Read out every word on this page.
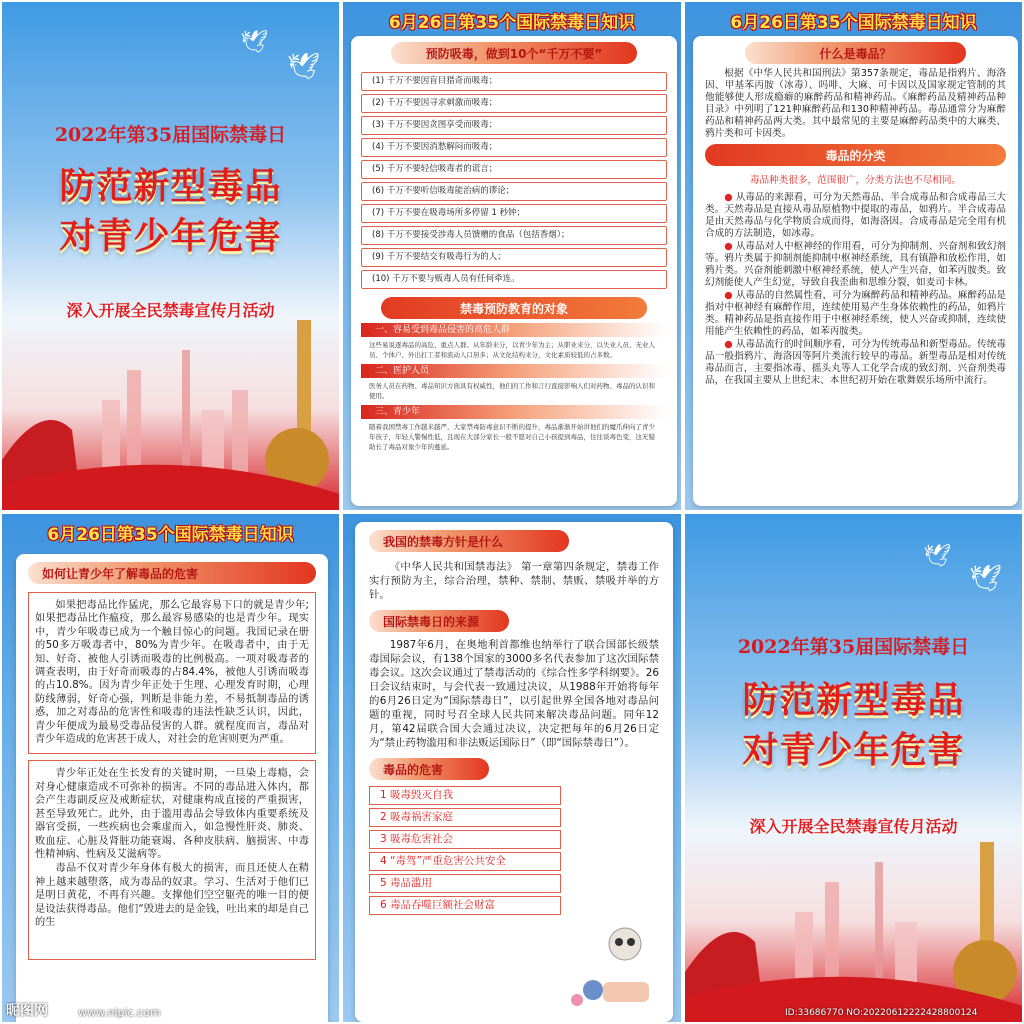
🕊
🕊
2022年第35届国际禁毒日
防范新型毒品
对青少年危害
深入开展全民禁毒宣传月活动
6月26日第35个国际禁毒日知识
预防吸毒，做到10个“千万不要”
(1) 千万不要因盲目猎奇而吸毒；
(2) 千万不要因寻求刺激而吸毒；
(3) 千万不要因贪图享受而吸毒；
(4) 千万不要因消愁解闷而吸毒；
(5) 千万不要轻信吸毒者的谎言；
(6) 千万不要听信吸毒能治病的谬论；
(7) 千万不要在吸毒场所多停留 1 秒钟；
(8) 千万不要接受涉毒人员馈赠的食品（包括香烟）；
(9) 千万不要结交有吸毒行为的人；
(10) 千万不要与贩毒人员有任何牵连。
禁毒预防教育的对象
一、容易受到毒品侵害的高危人群
这些易说逐毒品的高危、重点人群。从年龄来分，以青少年为主；从职业来分，以失业人员、无业人员、个体户、外出打工者和流动人口居多；从文化结构来分，文化素质较低的占多数。
二、医护人员
医务人员在药物、毒品知识方面具有权威性，他们的工作和言行直接影响人们对药物、毒品的认识和使用。
三、青少年
随着我国禁毒工作越来越严，大家禁毒防毒意识不断的提升，毒品渐渐开始讲他们的魔爪伸向了青少年孩子，年轻人警惕性低，且现在大部分家长一般不愿对自己小孩提到毒品，往往谈毒色变，这无疑助长了毒品对象少年的蔓延。
6月26日第35个国际禁毒日知识
什么是毒品？

根据《中华人民共和国刑法》第357条规定，毒品是指鸦片、海洛因、甲基苯丙胺（冰毒）、吗啡、大麻、可卡因以及国家规定管制的其他能够使人形成瘾癖的麻醉药品和精神药品。《麻醉药品及精神药品种目录》中列明了121种麻醉药品和130种精神药品。毒品通常分为麻醉药品和精神药品两大类。其中最常见的主要是麻醉药品类中的大麻类、鸦片类和可卡因类。

毒品的分类
毒品种类很多，范围很广，分类方法也不尽相同。

● 从毒品的来源看，可分为天然毒品、半合成毒品和合成毒品三大类。天然毒品是直接从毒品原植物中提取的毒品，如鸦片。半合成毒品是由天然毒品与化学物质合成而得，如海洛因。合成毒品是完全用有机合成的方法制造，如冰毒。

● 从毒品对人中枢神经的作用看，可分为抑制剂、兴奋剂和致幻剂等。鸦片类属于抑制剂能抑制中枢神经系统，具有镇静和放松作用，如鸦片类。兴奋剂能刺激中枢神经系统，使人产生兴奋，如苯丙胺类。致幻剂能使人产生幻觉，导致自我歪曲和思维分裂，如麦司卡林。

● 从毒品的自然属性看，可分为麻醉药品和精神药品。麻醉药品是指对中枢神经有麻醉作用，连续使用易产生身体依赖性的药品，如鸦片类。精神药品是指直接作用于中枢神经系统，使人兴奋或抑制，连续使用能产生依赖性的药品，如苯丙胺类。

● 从毒品流行的时间顺序看，可分为传统毒品和新型毒品。传统毒品一般指鸦片、海洛因等阿片类流行较早的毒品。新型毒品是相对传统毒品而言，主要指冰毒、摇头丸等人工化学合成的致幻剂、兴奋剂类毒品，在我国主要从上世纪末、本世纪初开始在歌舞娱乐场所中流行。

6月26日第35个国际禁毒日知识
如何让青少年了解毒品的危害

如果把毒品比作猛虎，那么它最容易下口的就是青少年;如果把毒品比作瘟疫，那么最容易感染的也是青少年。现实中，青少年吸毒已成为一个触目惊心的问题。我国记录在册的50多万吸毒者中，80%为青少年。在吸毒者中，由于无知、好奇、被他人引诱而吸毒的比例极高。一项对吸毒者的调查表明，由于好奇而吸毒的占84.4%，被他人引诱而吸毒的占10.8%。因为青少年正处于生理、心理发育时期，心理防线薄弱，好奇心强，判断是非能力差，不易抵制毒品的诱惑，加之对毒品的危害性和吸毒的违法性缺乏认识，因此，青少年便成为最易受毒品侵害的人群。就程度而言，毒品对青少年造成的危害甚于成人，对社会的危害则更为严重。

青少年正处在生长发育的关键时期，一旦染上毒瘾，会对身心健康造成不可弥补的损害。不同的毒品进入体内，都会产生毒副反应及戒断症状，对健康构成直接的严重损害，甚至导致死亡。此外，由于滥用毒品会导致体内重要系统及器官受损，一些疾病也会乘虚而入，如急慢性肝炎、肺炎、败血症、心脏及肾脏功能衰竭、各种皮肤病、脑损害、中毒性精神病、性病及艾滋病等。

毒品不仅对青少年身体有极大的损害，而且还使人在精神上越来越堕落，成为毒品的奴隶。学习、生活对于他们已是明日黄花，不再有兴趣。支撑他们空空躯壳的唯一目的便是设法获得毒品。他们“毁进去的是金钱，吐出来的却是自己的生

昵图网
我国的禁毒方针是什么

《中华人民共和国禁毒法》 第一章第四条规定，禁毒工作实行预防为主，综合治理，禁种、禁制、禁贩、禁吸并举的方针。

国际禁毒日的来源

1987年6月，在奥地利首都维也纳举行了联合国部长级禁毒国际会议，有138个国家的3000多名代表参加了这次国际禁毒会议。这次会议通过了禁毒活动的《综合性多学科纲要》。26日会议结束时，与会代表一致通过决议，从1988年开始将每年的6月26日定为“国际禁毒日”，以引起世界全国各地对毒品问题的重视，同时号召全球人民共同来解决毒品问题。同年12月，第42届联合国大会通过决议，决定把每年的6月26日定为“禁止药物滥用和非法贩运国际日”（即“国际禁毒日”）。

毒品的危害
1 吸毒毁灭自我
2 吸毒祸害家庭
3 吸毒危害社会
4 “毒驾”严重危害公共安全
5 毒品滥用
6 毒品吞噬巨额社会财富
🕊
🕊
2022年第35届国际禁毒日
防范新型毒品
对青少年危害
深入开展全民禁毒宣传月活动
ID:33686770 NO:20220612222428800124
www.nipic.com
